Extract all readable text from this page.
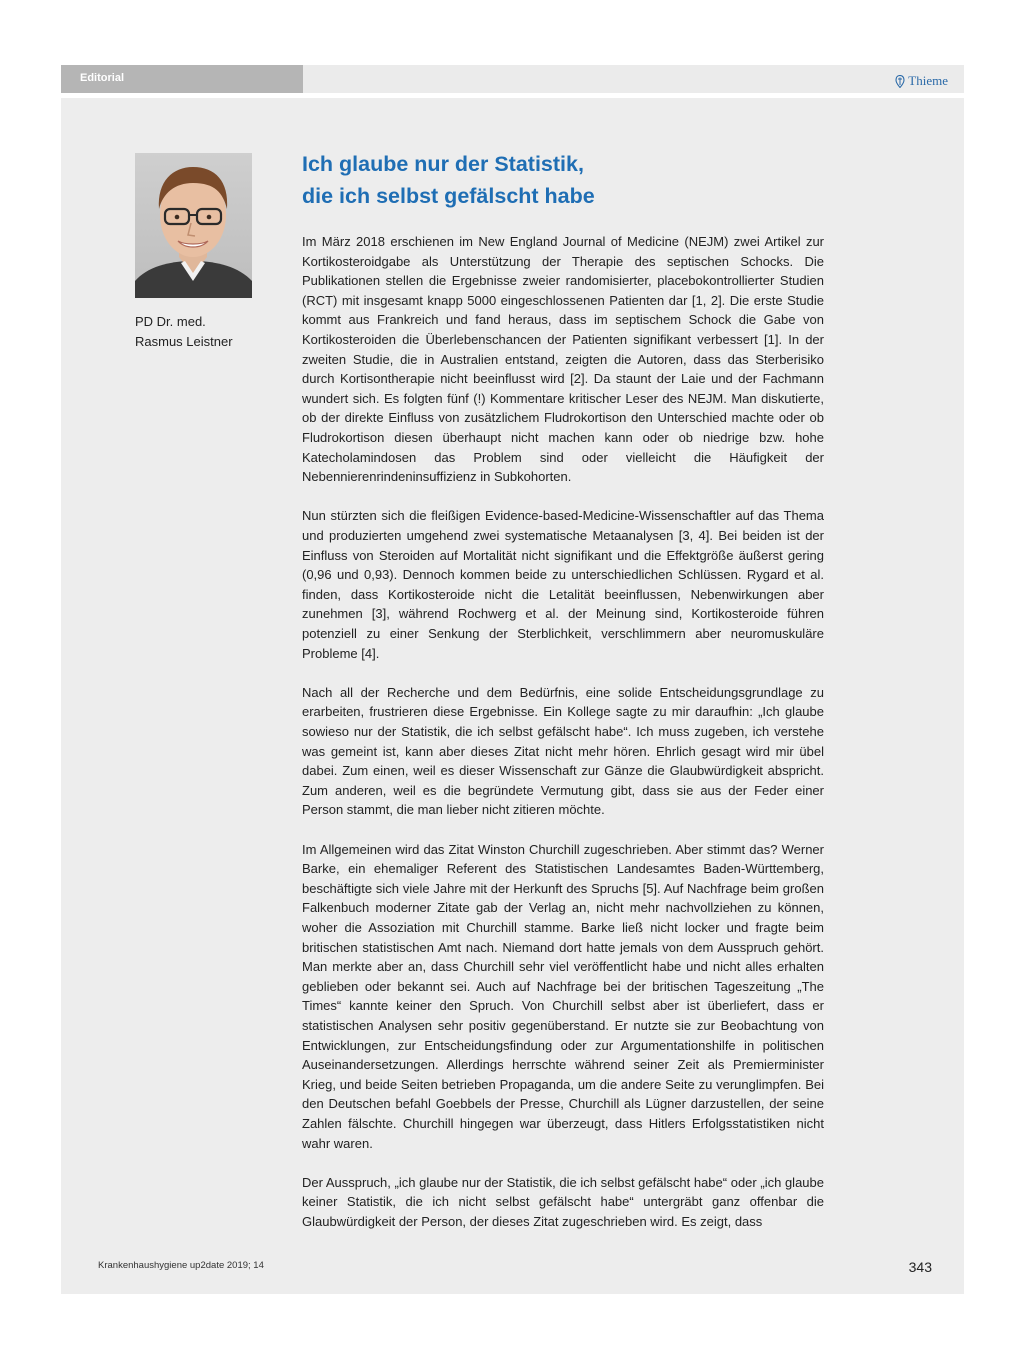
Editorial	Thieme
PD Dr. med.
Rasmus Leistner
Ich glaube nur der Statistik,
die ich selbst gefälscht habe

Im März 2018 erschienen im New England Journal of Medicine (NEJM) zwei Artikel zur Kortikosteroidgabe als Unterstützung der Therapie des septischen Schocks. Die Publikationen stellen die Ergebnisse zweier randomisierter, placebokontrollierter Studien (RCT) mit insgesamt knapp 5000 eingeschlossenen Patienten dar [1, 2]. Die erste Studie kommt aus Frankreich und fand heraus, dass im septischem Schock die Gabe von Kortikosteroiden die Überlebenschancen der Patienten signifikant verbessert [1]. In der zweiten Studie, die in Australien entstand, zeigten die Autoren, dass das Sterberisiko durch Kortisontherapie nicht beeinflusst wird [2]. Da staunt der Laie und der Fachmann wundert sich. Es folgten fünf (!) Kommentare kritischer Leser des NEJM. Man diskutierte, ob der direkte Einfluss von zusätzlichem Fludrokortison den Unterschied machte oder ob Fludrokortison diesen überhaupt nicht machen kann oder ob niedrige bzw. hohe Katecholamindosen das Problem sind oder vielleicht die Häufigkeit der Nebennierenrindeninsuffizienz in Subkohorten.

Nun stürzten sich die fleißigen Evidence-based-Medicine-Wissenschaftler auf das Thema und produzierten umgehend zwei systematische Metaanalysen [3, 4]. Bei beiden ist der Einfluss von Steroiden auf Mortalität nicht signifikant und die Effektgröße äußerst gering (0,96 und 0,93). Dennoch kommen beide zu unterschiedlichen Schlüssen. Rygard et al. finden, dass Kortikosteroide nicht die Letalität beeinflussen, Nebenwirkungen aber zunehmen [3], während Rochwerg et al. der Meinung sind, Kortikosteroide führen potenziell zu einer Senkung der Sterblichkeit, verschlimmern aber neuromuskuläre Probleme [4].

Nach all der Recherche und dem Bedürfnis, eine solide Entscheidungsgrundlage zu erarbeiten, frustrieren diese Ergebnisse. Ein Kollege sagte zu mir daraufhin: „Ich glaube sowieso nur der Statistik, die ich selbst gefälscht habe“. Ich muss zugeben, ich verstehe was gemeint ist, kann aber dieses Zitat nicht mehr hören. Ehrlich gesagt wird mir übel dabei. Zum einen, weil es dieser Wissenschaft zur Gänze die Glaubwürdigkeit abspricht. Zum anderen, weil es die begründete Vermutung gibt, dass sie aus der Feder einer Person stammt, die man lieber nicht zitieren möchte.

Im Allgemeinen wird das Zitat Winston Churchill zugeschrieben. Aber stimmt das? Werner Barke, ein ehemaliger Referent des Statistischen Landesamtes Baden-Württemberg, beschäftigte sich viele Jahre mit der Herkunft des Spruchs [5]. Auf Nachfrage beim großen Falkenbuch moderner Zitate gab der Verlag an, nicht mehr nachvollziehen zu können, woher die Assoziation mit Churchill stamme. Barke ließ nicht locker und fragte beim britischen statistischen Amt nach. Niemand dort hatte jemals von dem Ausspruch gehört. Man merkte aber an, dass Churchill sehr viel veröffentlicht habe und nicht alles erhalten geblieben oder bekannt sei. Auch auf Nachfrage bei der britischen Tageszeitung „The Times“ kannte keiner den Spruch. Von Churchill selbst aber ist überliefert, dass er statistischen Analysen sehr positiv gegenüberstand. Er nutzte sie zur Beobachtung von Entwicklungen, zur Entscheidungsfindung oder zur Argumentationshilfe in politischen Auseinandersetzungen. Allerdings herrschte während seiner Zeit als Premierminister Krieg, und beide Seiten betrieben Propaganda, um die andere Seite zu verunglimpfen. Bei den Deutschen befahl Goebbels der Presse, Churchill als Lügner darzustellen, der seine Zahlen fälschte. Churchill hingegen war überzeugt, dass Hitlers Erfolgsstatistiken nicht wahr waren.

Der Ausspruch, „ich glaube nur der Statistik, die ich selbst gefälscht habe“ oder „ich glaube keiner Statistik, die ich nicht selbst gefälscht habe“ untergräbt ganz offenbar die Glaubwürdigkeit der Person, der dieses Zitat zugeschrieben wird. Es zeigt, dass

Krankenhaushygiene up2date 2019; 14	343
